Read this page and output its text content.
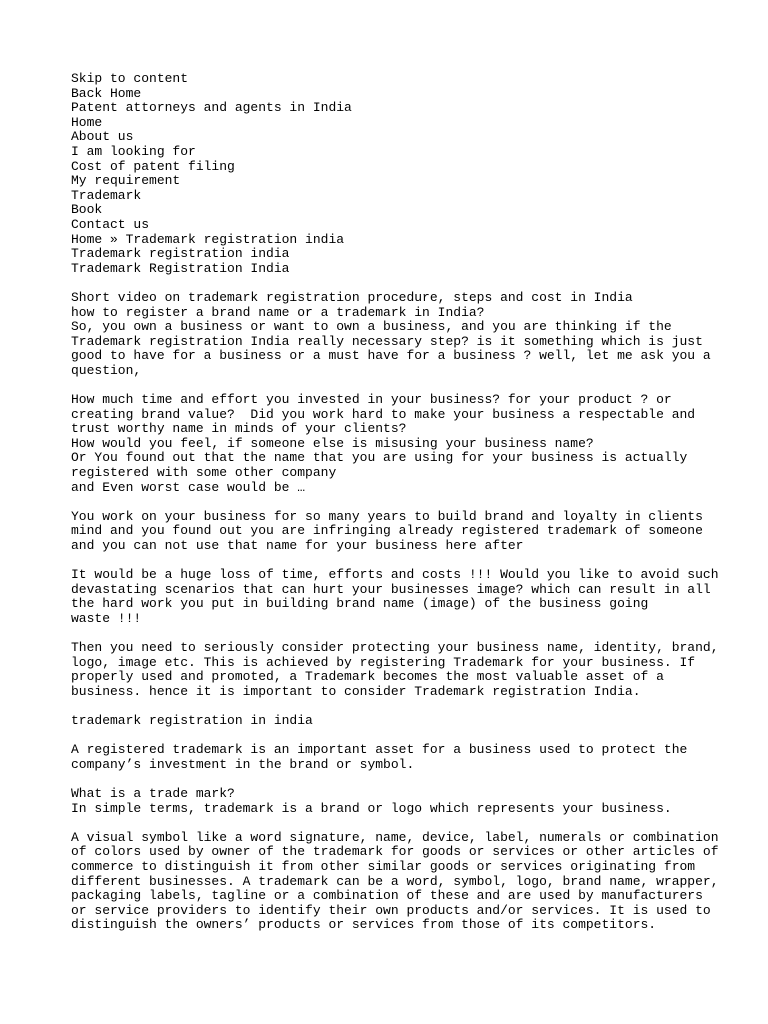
Skip to content
Back Home
Patent attorneys and agents in India
Home
About us
I am looking for
Cost of patent filing
My requirement
Trademark
Book
Contact us
Home » Trademark registration india
Trademark registration india
Trademark Registration India
Short video on trademark registration procedure, steps and cost in India
how to register a brand name or a trademark in India?
So, you own a business or want to own a business, and you are thinking if the
Trademark registration India really necessary step? is it something which is just
good to have for a business or a must have for a business ? well, let me ask you a
question,
How much time and effort you invested in your business? for your product ? or
creating brand value?  Did you work hard to make your business a respectable and
trust worthy name in minds of your clients?
How would you feel, if someone else is misusing your business name?
Or You found out that the name that you are using for your business is actually
registered with some other company
and Even worst case would be …
You work on your business for so many years to build brand and loyalty in clients
mind and you found out you are infringing already registered trademark of someone
and you can not use that name for your business here after
It would be a huge loss of time, efforts and costs !!! Would you like to avoid such
devastating scenarios that can hurt your businesses image? which can result in all
the hard work you put in building brand name (image) of the business going
waste !!!
Then you need to seriously consider protecting your business name, identity, brand,
logo, image etc. This is achieved by registering Trademark for your business. If
properly used and promoted, a Trademark becomes the most valuable asset of a
business. hence it is important to consider Trademark registration India.
trademark registration in india
A registered trademark is an important asset for a business used to protect the
company’s investment in the brand or symbol.
What is a trade mark?
In simple terms, trademark is a brand or logo which represents your business.
A visual symbol like a word signature, name, device, label, numerals or combination
of colors used by owner of the trademark for goods or services or other articles of
commerce to distinguish it from other similar goods or services originating from
different businesses. A trademark can be a word, symbol, logo, brand name, wrapper,
packaging labels, tagline or a combination of these and are used by manufacturers
or service providers to identify their own products and/or services. It is used to
distinguish the owners’ products or services from those of its competitors.
